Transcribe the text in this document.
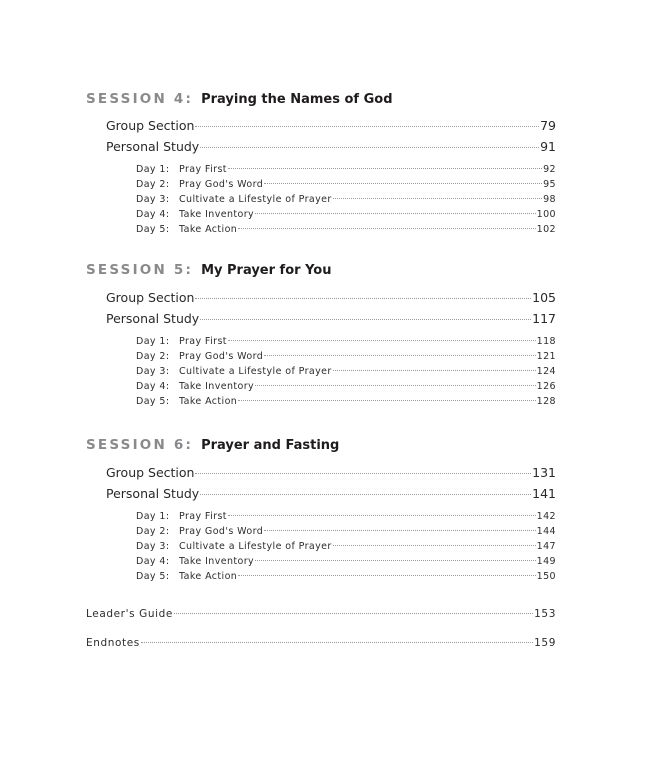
SESSION 4: Praying the Names of God
Group Section	79
Personal Study	91
Day 1: Pray First	92
Day 2: Pray God's Word	95
Day 3: Cultivate a Lifestyle of Prayer	98
Day 4: Take Inventory	100
Day 5: Take Action	102
SESSION 5: My Prayer for You
Group Section	105
Personal Study	117
Day 1: Pray First	118
Day 2: Pray God's Word	121
Day 3: Cultivate a Lifestyle of Prayer	124
Day 4: Take Inventory	126
Day 5: Take Action	128
SESSION 6: Prayer and Fasting
Group Section	131
Personal Study	141
Day 1: Pray First	142
Day 2: Pray God's Word	144
Day 3: Cultivate a Lifestyle of Prayer	147
Day 4: Take Inventory	149
Day 5: Take Action	150
Leader's Guide	153
Endnotes	159
